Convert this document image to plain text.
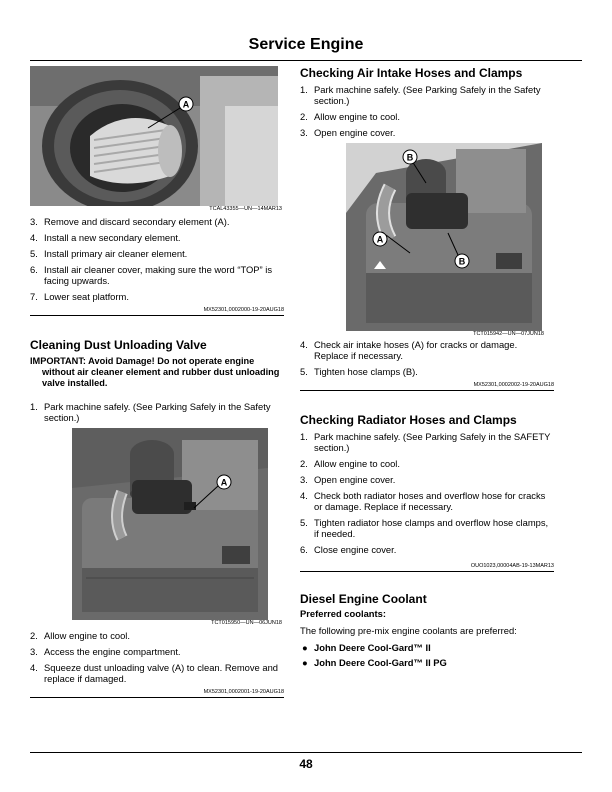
Service Engine
A
TCAL43355—UN—14MAR13
3. Remove and discard secondary element (A).
4. Install a new secondary element.
5. Install primary air cleaner element.
6. Install air cleaner cover, making sure the word “TOP” is facing upwards.
7. Lower seat platform.
MX52301,0002000-19-20AUG18
Cleaning Dust Unloading Valve

IMPORTANT: Avoid Damage! Do not operate engine without air cleaner element and rubber dust unloading valve installed.

1. Park machine safely. (See Parking Safely in the Safety section.)
A
TCT015950—UN—06JUN18
2. Allow engine to cool.
3. Access the engine compartment.
4. Squeeze dust unloading valve (A) to clean. Remove and replace if damaged.
MX52301,0002001-19-20AUG18
Checking Air Intake Hoses and Clamps
1. Park machine safely. (See Parking Safely in the Safety section.)
2. Allow engine to cool.
3. Open engine cover.
A
B
B
TCT015942—UN—07JUN18
4. Check air intake hoses (A) for cracks or damage. Replace if necessary.
5. Tighten hose clamps (B).
MX52301,0002002-19-20AUG18
Checking Radiator Hoses and Clamps
1. Park machine safely. (See Parking Safely in the SAFETY section.)
2. Allow engine to cool.
3. Open engine cover.
4. Check both radiator hoses and overflow hose for cracks or damage. Replace if necessary.
5. Tighten radiator hose clamps and overflow hose clamps, if needed.
6. Close engine cover.
OUO1023,00004AB-19-13MAR13
Diesel Engine Coolant
Preferred coolants:

The following pre-mix engine coolants are preferred:

● John Deere Cool-Gard™ II
● John Deere Cool-Gard™ II PG
48
